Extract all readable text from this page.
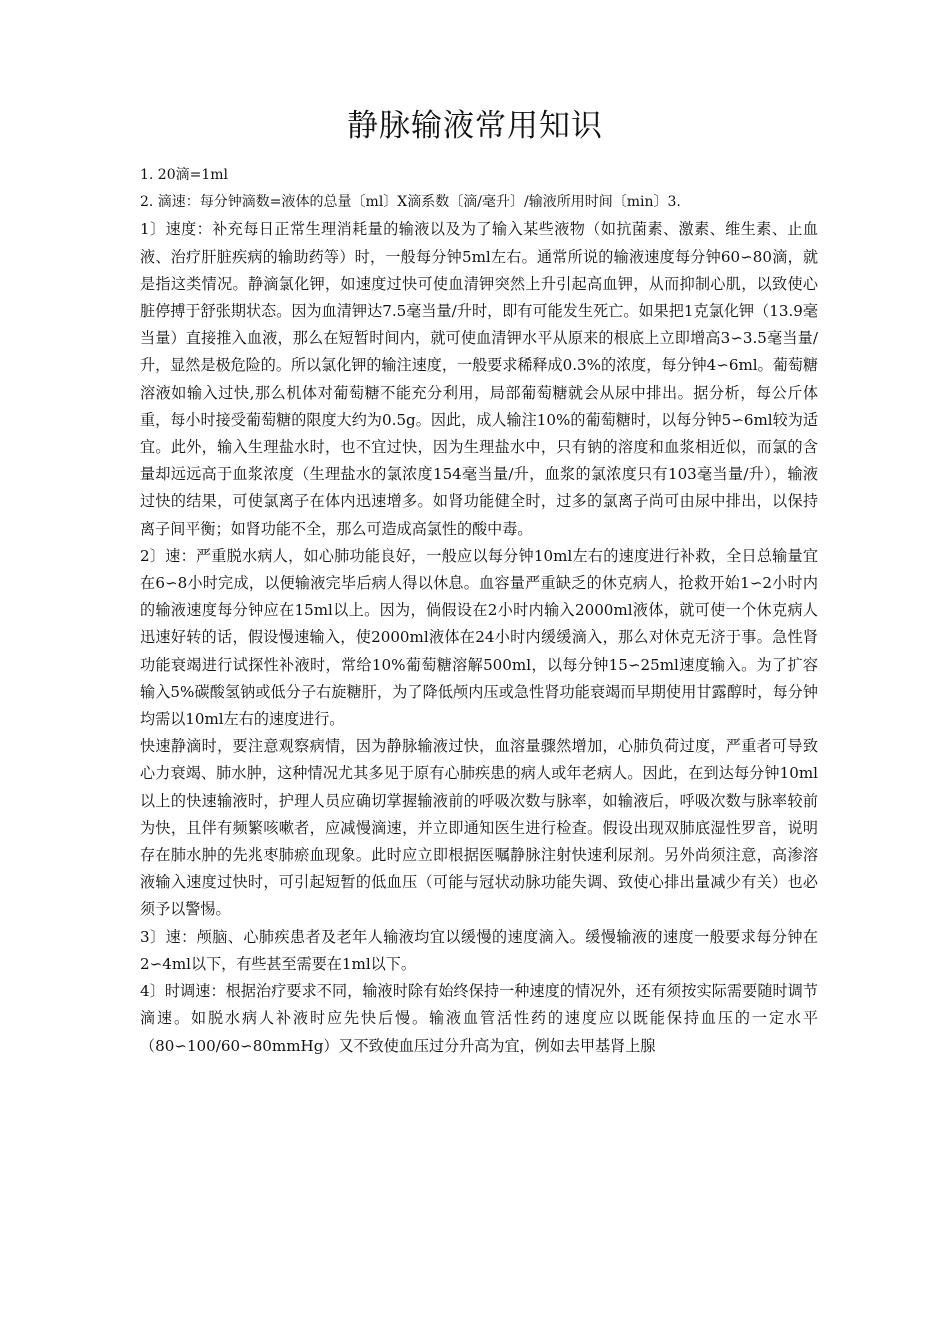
静脉输液常用知识

1. 20滴=1ml

2. 滴速：每分钟滴数=液体的总量〔ml〕X滴系数〔滴/毫升〕/输液所用时间〔min〕3.

1〕速度：补充每日正常生理消耗量的输液以及为了输入某些液物（如抗菌素、激素、维生素、止血液、治疗肝脏疾病的输助药等）时，一般每分钟5ml左右。通常所说的输液速度每分钟60∽80滴，就是指这类情况。静滴氯化钾，如速度过快可使血清钾突然上升引起高血钾，从而抑制心肌，以致使心脏停搏于舒张期状态。因为血清钾达7.5毫当量/升时，即有可能发生死亡。如果把1克氯化钾（13.9毫当量）直接推入血液，那么在短暂时间内，就可使血清钾水平从原来的根底上立即增高3∽3.5毫当量/升，显然是极危险的。所以氯化钾的输注速度，一般要求稀释成0.3%的浓度，每分钟4∽6ml。葡萄糖溶液如输入过快,那么机体对葡萄糖不能充分利用，局部葡萄糖就会从尿中排出。据分析，每公斤体重，每小时接受葡萄糖的限度大约为0.5g。因此，成人输注10%的葡萄糖时，以每分钟5∽6ml较为适宜。此外，输入生理盐水时，也不宜过快，因为生理盐水中，只有钠的溶度和血浆相近似，而氯的含量却远远高于血浆浓度（生理盐水的氯浓度154毫当量/升，血浆的氯浓度只有103毫当量/升），输液过快的结果，可使氯离子在体内迅速增多。如肾功能健全时，过多的氯离子尚可由尿中排出，以保持离子间平衡；如肾功能不全，那么可造成高氯性的酸中毒。

2〕速：严重脱水病人，如心肺功能良好，一般应以每分钟10ml左右的速度进行补救，全日总输量宜在6∽8小时完成，以便输液完毕后病人得以休息。血容量严重缺乏的休克病人，抢救开始1∽2小时内的输液速度每分钟应在15ml以上。因为，倘假设在2小时内输入2000ml液体，就可使一个休克病人迅速好转的话，假设慢速输入，使2000ml液体在24小时内缓缓滴入，那么对休克无济于事。急性肾功能衰竭进行试探性补液时，常给10%葡萄糖溶解500ml，以每分钟15∽25ml速度输入。为了扩容输入5%碳酸氢钠或低分子右旋糖肝，为了降低颅内压或急性肾功能衰竭而早期使用甘露醇时，每分钟均需以10ml左右的速度进行。

快速静滴时，要注意观察病情，因为静脉输液过快，血溶量骤然增加，心肺负荷过度，严重者可导致心力衰竭、肺水肿，这种情况尤其多见于原有心肺疾患的病人或年老病人。因此，在到达每分钟10ml以上的快速输液时，护理人员应确切掌握输液前的呼吸次数与脉率，如输液后，呼吸次数与脉率较前为快，且伴有频繁咳嗽者，应减慢滴速，并立即通知医生进行检查。假设出现双肺底湿性罗音，说明存在肺水肿的先兆枣肺瘀血现象。此时应立即根据医嘱静脉注射快速利尿剂。另外尚须注意，高渗溶液输入速度过快时，可引起短暂的低血压（可能与冠状动脉功能失调、致使心排出量减少有关）也必须予以警惕。

3〕速：颅脑、心肺疾患者及老年人输液均宜以缓慢的速度滴入。缓慢输液的速度一般要求每分钟在2∽4ml以下，有些甚至需要在1ml以下。

4〕时调速：根据治疗要求不同，输液时除有始终保持一种速度的情况外，还有须按实际需要随时调节滴速。如脱水病人补液时应先快后慢。输液血管活性药的速度应以既能保持血压的一定水平（80∽100/60∽80mmHg）又不致使血压过分升高为宜，例如去甲基肾上腺
